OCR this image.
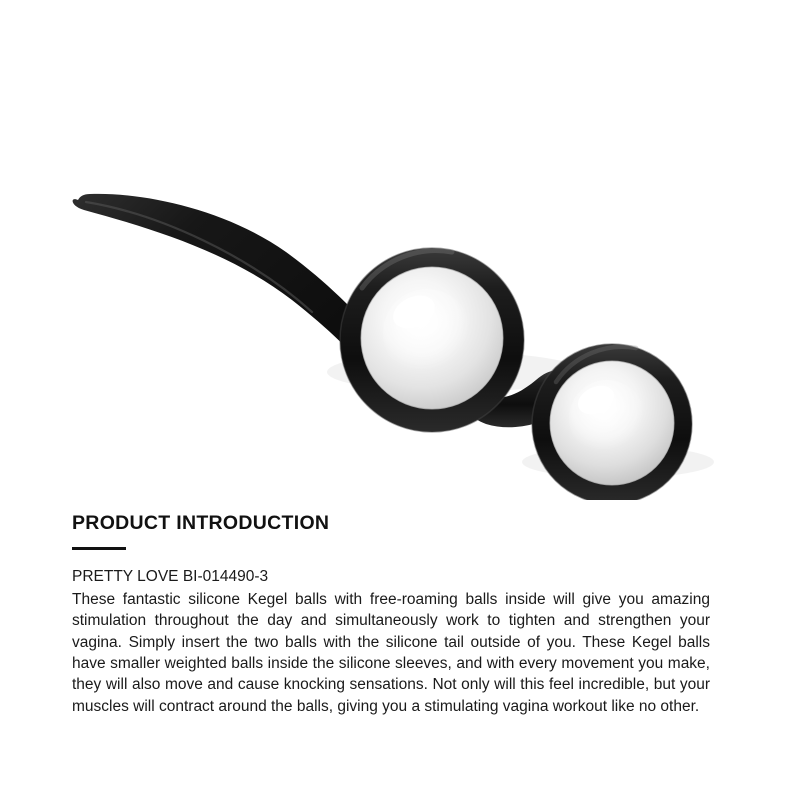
PRODUCT INTRODUCTION

PRETTY LOVE BI-014490-3

These fantastic silicone Kegel balls with free-roaming balls inside will give you amazing stimulation throughout the day and simultaneously work to tighten and strengthen your vagina. Simply insert the two balls with the silicone tail outside of you. These Kegel balls have smaller weighted balls inside the silicone sleeves, and with every movement you make, they will also move and cause knocking sensations. Not only will this feel incredible, but your muscles will contract around the balls, giving you a stimulating vagina workout like no other.
